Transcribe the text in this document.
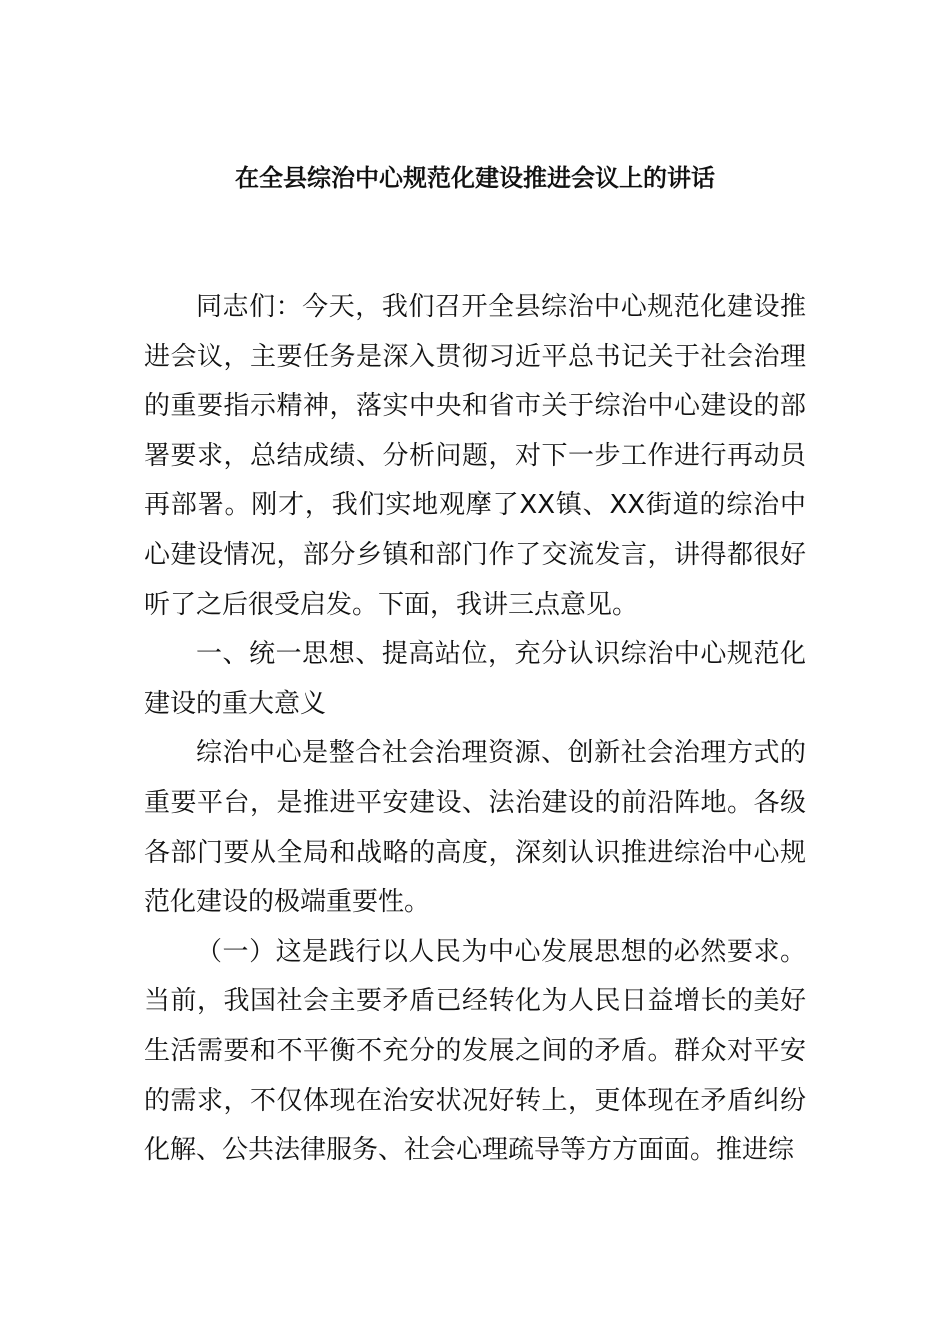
在全县综治中心规范化建设推进会议上的讲话

同志们：今天，我们召开全县综治中心规范化建设推进会议，主要任务是深入贯彻习近平总书记关于社会治理的重要指示精神，落实中央和省市关于综治中心建设的部署要求，总结成绩、分析问题，对下一步工作进行再动员再部署。刚才，我们实地观摩了XX镇、XX街道的综治中心建设情况，部分乡镇和部门作了交流发言，讲得都很好听了之后很受启发。下面，我讲三点意见。

一、统一思想、提高站位，充分认识综治中心规范化建设的重大意义

综治中心是整合社会治理资源、创新社会治理方式的重要平台，是推进平安建设、法治建设的前沿阵地。各级各部门要从全局和战略的高度，深刻认识推进综治中心规范化建设的极端重要性。

（一）这是践行以人民为中心发展思想的必然要求。当前，我国社会主要矛盾已经转化为人民日益增长的美好生活需要和不平衡不充分的发展之间的矛盾。群众对平安的需求，不仅体现在治安状况好转上，更体现在矛盾纠纷化解、公共法律服务、社会心理疏导等方方面面。推进综
